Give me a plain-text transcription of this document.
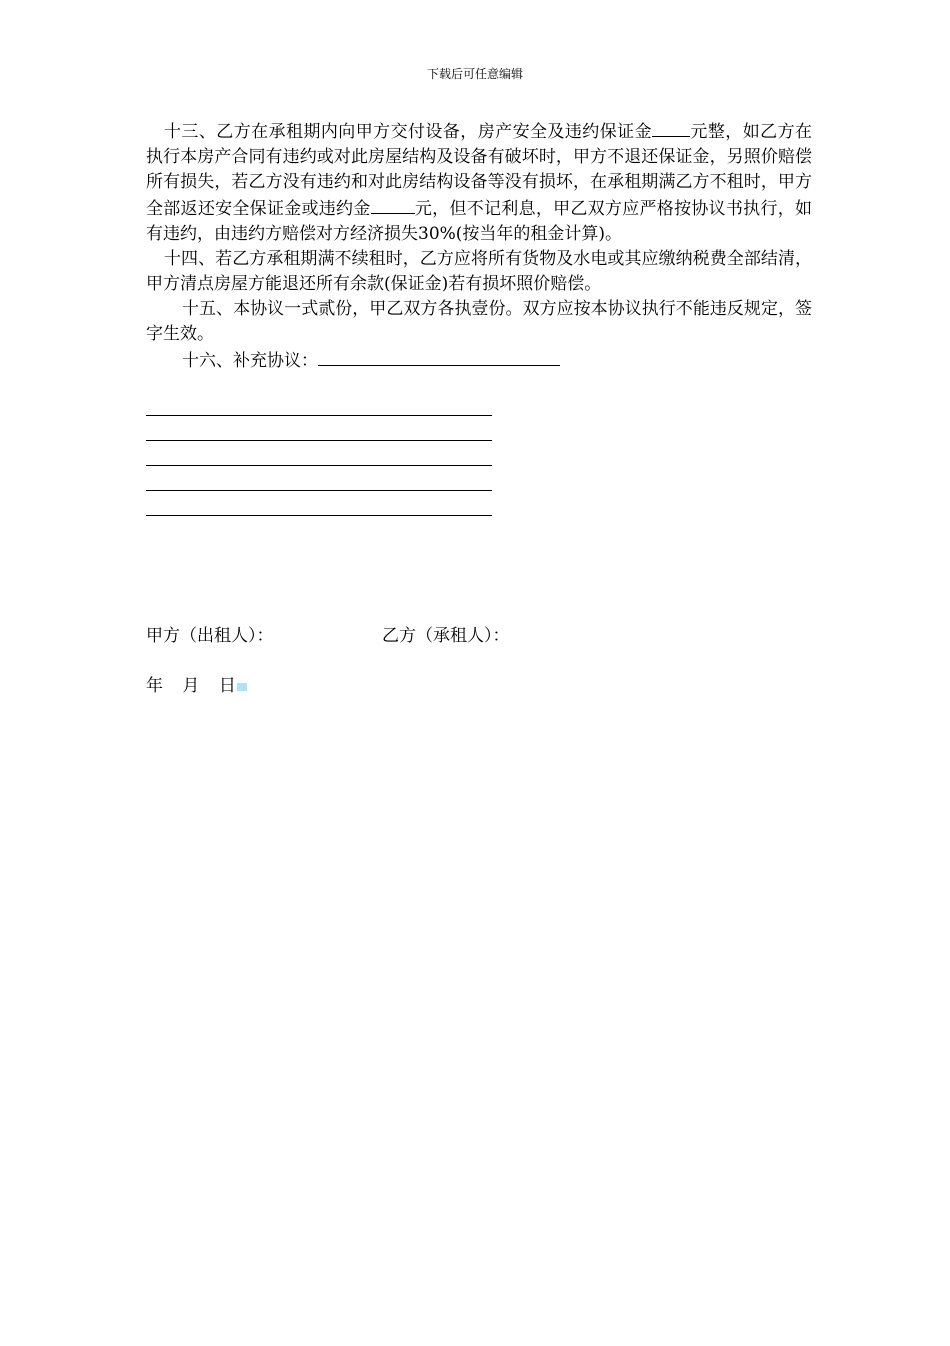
下载后可任意编辑

十三、乙方在承租期内向甲方交付设备，房产安全及违约保证金 元整，如乙方在执行本房产合同有违约或对此房屋结构及设备有破坏时，甲方不退还保证金，另照价赔偿所有损失，若乙方没有违约和对此房结构设备等没有损坏，在承租期满乙方不租时，甲方全部返还安全保证金或违约金	元，但不记利息，甲乙双方应严格按协议书执行，如有违约，由违约方赔偿对方经济损失30%(按当年的租金计算)。

十四、若乙方承租期满不续租时，乙方应将所有货物及水电或其应缴纳税费全部结清，甲方清点房屋方能退还所有余款(保证金)若有损坏照价赔偿。

十五、本协议一式贰份，甲乙双方各执壹份。双方应按本协议执行不能违反规定，签字生效。

十六、补充协议：

甲方（出租人）：	乙方（承租人）：
年 月 日
